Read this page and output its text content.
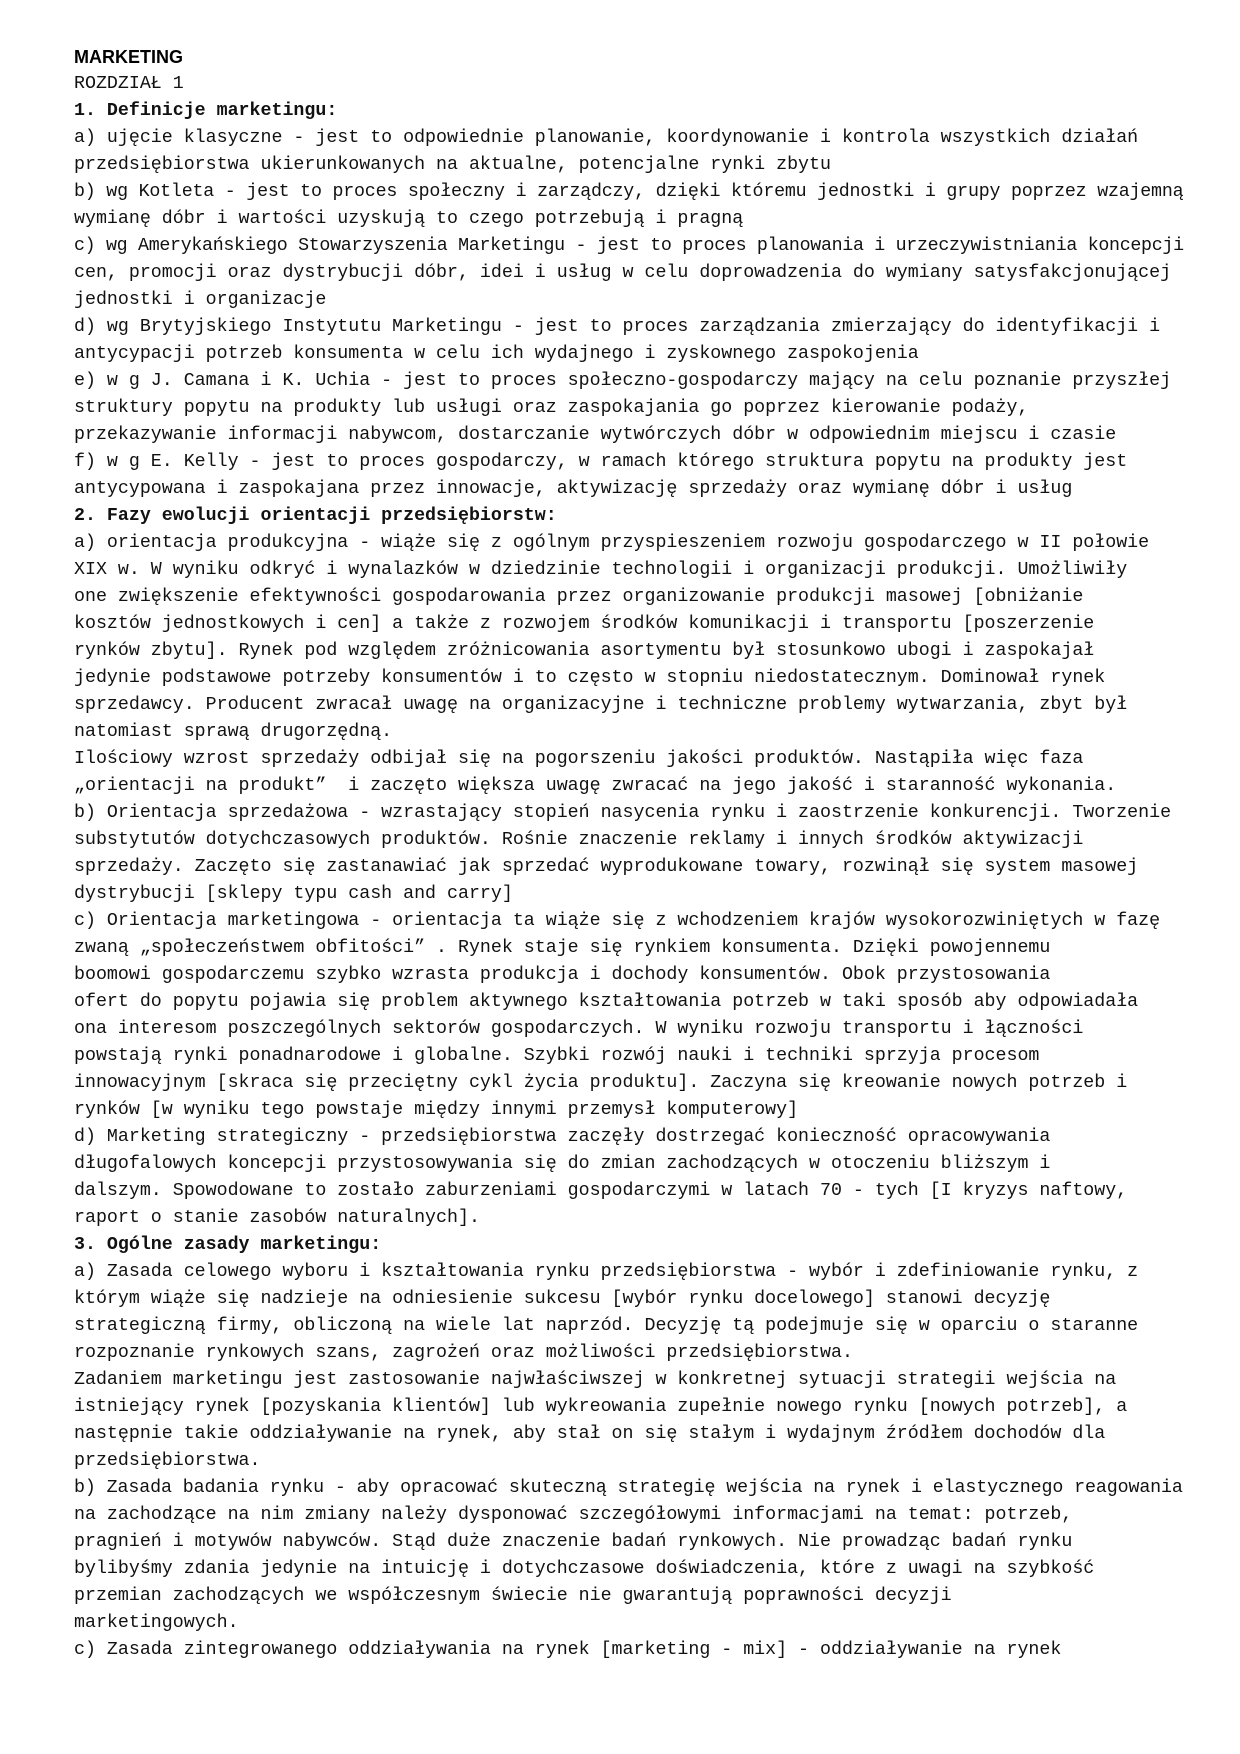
MARKETING
ROZDZIAŁ 1
1. Definicje marketingu:
a) ujęcie klasyczne - jest to odpowiednie planowanie, koordynowanie i kontrola wszystkich działań
przedsiębiorstwa ukierunkowanych na aktualne, potencjalne rynki zbytu
b) wg Kotleta - jest to proces społeczny i zarządczy, dzięki któremu jednostki i grupy poprzez wzajemną
wymianę dóbr i wartości uzyskują to czego potrzebują i pragną
c) wg Amerykańskiego Stowarzyszenia Marketingu - jest to proces planowania i urzeczywistniania koncepcji
cen, promocji oraz dystrybucji dóbr, idei i usług w celu doprowadzenia do wymiany satysfakcjonującej
jednostki i organizacje
d) wg Brytyjskiego Instytutu Marketingu - jest to proces zarządzania zmierzający do identyfikacji i
antycypacji potrzeb konsumenta w celu ich wydajnego i zyskownego zaspokojenia
e) w g J. Camana i K. Uchia - jest to proces społeczno-gospodarczy mający na celu poznanie przyszłej
struktury popytu na produkty lub usługi oraz zaspokajania go poprzez kierowanie podaży,
przekazywanie informacji nabywcom, dostarczanie wytwórczych dóbr w odpowiednim miejscu i czasie
f) w g E. Kelly - jest to proces gospodarczy, w ramach którego struktura popytu na produkty jest
antycypowana i zaspokajana przez innowacje, aktywizację sprzedaży oraz wymianę dóbr i usług
2. Fazy ewolucji orientacji przedsiębiorstw:
a) orientacja produkcyjna - wiąże się z ogólnym przyspieszeniem rozwoju gospodarczego w II połowie
XIX w. W wyniku odkryć i wynalazków w dziedzinie technologii i organizacji produkcji. Umożliwiły
one zwiększenie efektywności gospodarowania przez organizowanie produkcji masowej [obniżanie
kosztów jednostkowych i cen] a także z rozwojem środków komunikacji i transportu [poszerzenie
rynków zbytu]. Rynek pod względem zróżnicowania asortymentu był stosunkowo ubogi i zaspokajał
jedynie podstawowe potrzeby konsumentów i to często w stopniu niedostatecznym. Dominował rynek
sprzedawcy. Producent zwracał uwagę na organizacyjne i techniczne problemy wytwarzania, zbyt był
natomiast sprawą drugorzędną.
Ilościowy wzrost sprzedaży odbijał się na pogorszeniu jakości produktów. Nastąpiła więc faza
„orientacji na produkt”  i zaczęto większa uwagę zwracać na jego jakość i staranność wykonania.
b) Orientacja sprzedażowa - wzrastający stopień nasycenia rynku i zaostrzenie konkurencji. Tworzenie
substytutów dotychczasowych produktów. Rośnie znaczenie reklamy i innych środków aktywizacji
sprzedaży. Zaczęto się zastanawiać jak sprzedać wyprodukowane towary, rozwinął się system masowej
dystrybucji [sklepy typu cash and carry]
c) Orientacja marketingowa - orientacja ta wiąże się z wchodzeniem krajów wysokorozwiniętych w fazę
zwaną „społeczeństwem obfitości” . Rynek staje się rynkiem konsumenta. Dzięki powojennemu
boomowi gospodarczemu szybko wzrasta produkcja i dochody konsumentów. Obok przystosowania
ofert do popytu pojawia się problem aktywnego kształtowania potrzeb w taki sposób aby odpowiadała
ona interesom poszczególnych sektorów gospodarczych. W wyniku rozwoju transportu i łączności
powstają rynki ponadnarodowe i globalne. Szybki rozwój nauki i techniki sprzyja procesom
innowacyjnym [skraca się przeciętny cykl życia produktu]. Zaczyna się kreowanie nowych potrzeb i
rynków [w wyniku tego powstaje między innymi przemysł komputerowy]
d) Marketing strategiczny - przedsiębiorstwa zaczęły dostrzegać konieczność opracowywania
długofalowych koncepcji przystosowywania się do zmian zachodzących w otoczeniu bliższym i
dalszym. Spowodowane to zostało zaburzeniami gospodarczymi w latach 70 - tych [I kryzys naftowy,
raport o stanie zasobów naturalnych].
3. Ogólne zasady marketingu:
a) Zasada celowego wyboru i kształtowania rynku przedsiębiorstwa - wybór i zdefiniowanie rynku, z
którym wiąże się nadzieje na odniesienie sukcesu [wybór rynku docelowego] stanowi decyzję
strategiczną firmy, obliczoną na wiele lat naprzód. Decyzję tą podejmuje się w oparciu o staranne
rozpoznanie rynkowych szans, zagrożeń oraz możliwości przedsiębiorstwa.
Zadaniem marketingu jest zastosowanie najwłaściwszej w konkretnej sytuacji strategii wejścia na
istniejący rynek [pozyskania klientów] lub wykreowania zupełnie nowego rynku [nowych potrzeb], a
następnie takie oddziaływanie na rynek, aby stał on się stałym i wydajnym źródłem dochodów dla
przedsiębiorstwa.
b) Zasada badania rynku - aby opracować skuteczną strategię wejścia na rynek i elastycznego reagowania
na zachodzące na nim zmiany należy dysponować szczegółowymi informacjami na temat: potrzeb,
pragnień i motywów nabywców. Stąd duże znaczenie badań rynkowych. Nie prowadząc badań rynku
bylibyśmy zdania jedynie na intuicję i dotychczasowe doświadczenia, które z uwagi na szybkość
przemian zachodzących we współczesnym świecie nie gwarantują poprawności decyzji
marketingowych.
c) Zasada zintegrowanego oddziaływania na rynek [marketing - mix] - oddziaływanie na rynek
